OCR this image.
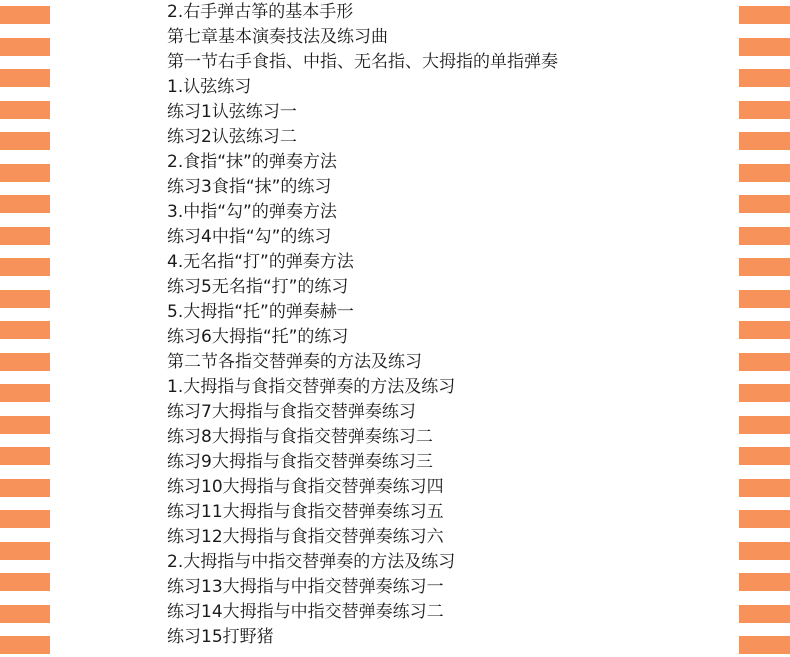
2.右手弹古筝的基本手形
第七章基本演奏技法及练习曲
第一节右手食指、中指、无名指、大拇指的单指弹奏
1.认弦练习
练习1认弦练习一
练习2认弦练习二
2.食指“抹”的弹奏方法
练习3食指“抹”的练习
3.中指“勾”的弹奏方法
练习4中指“勾”的练习
4.无名指“打”的弹奏方法
练习5无名指“打”的练习
5.大拇指“托”的弹奏赫一
练习6大拇指“托”的练习
第二节各指交替弹奏的方法及练习
1.大拇指与食指交替弹奏的方法及练习
练习7大拇指与食指交替弹奏练习
练习8大拇指与食指交替弹奏练习二
练习9大拇指与食指交替弹奏练习三
练习10大拇指与食指交替弹奏练习四
练习11大拇指与食指交替弹奏练习五
练习12大拇指与食指交替弹奏练习六
2.大拇指与中指交替弹奏的方法及练习
练习13大拇指与中指交替弹奏练习一
练习14大拇指与中指交替弹奏练习二
练习15打野猪
